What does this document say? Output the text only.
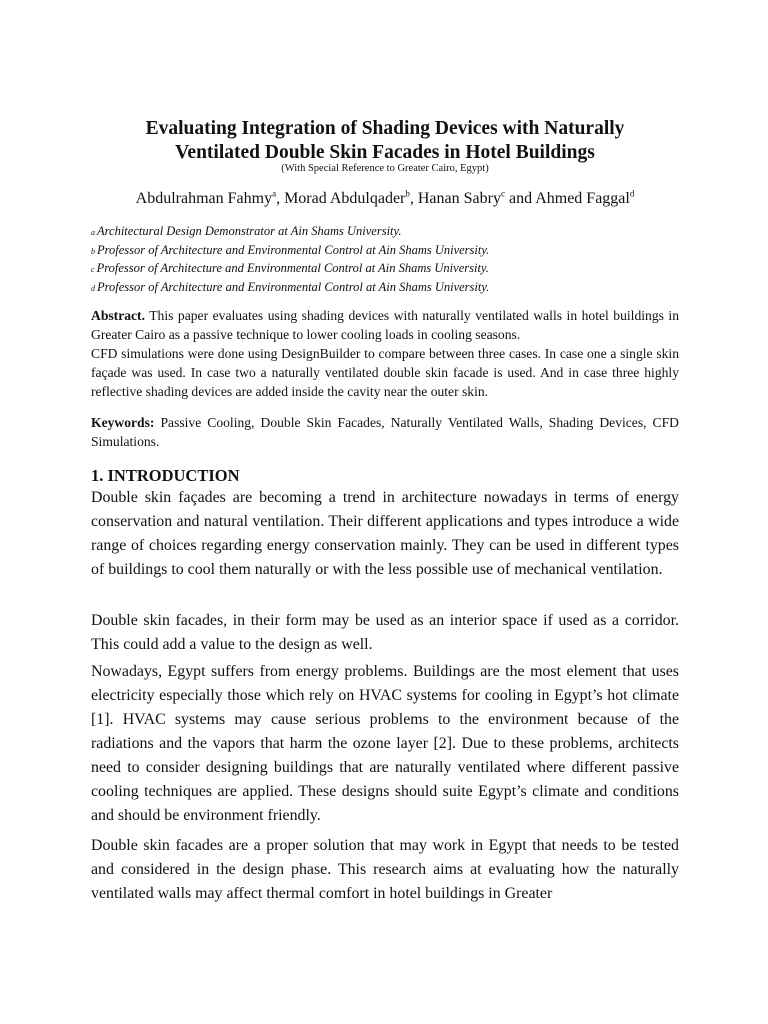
Evaluating Integration of Shading Devices with Naturally
Ventilated Double Skin Facades in Hotel Buildings
(With Special Reference to Greater Cairo, Egypt)
Abdulrahman Fahmy$^a$, Morad Abdulqader$^b$, Hanan Sabry$^c$ and Ahmed Faggal$^d$
a Architectural Design Demonstrator at Ain Shams University.
b Professor of Architecture and Environmental Control at Ain Shams University.
c Professor of Architecture and Environmental Control at Ain Shams University.
d Professor of Architecture and Environmental Control at Ain Shams University.

Abstract. This paper evaluates using shading devices with naturally ventilated walls in hotel buildings in Greater Cairo as a passive technique to lower cooling loads in cooling seasons.

CFD simulations were done using DesignBuilder to compare between three cases. In case one a single skin façade was used. In case two a naturally ventilated double skin facade is used. And in case three highly reflective shading devices are added inside the cavity near the outer skin.

Keywords: Passive Cooling, Double Skin Facades, Naturally Ventilated Walls, Shading Devices, CFD Simulations.

1. INTRODUCTION

Double skin façades are becoming a trend in architecture nowadays in terms of energy conservation and natural ventilation. Their different applications and types introduce a wide range of choices regarding energy conservation mainly. They can be used in different types of buildings to cool them naturally or with the less possible use of mechanical ventilation.

Double skin facades, in their form may be used as an interior space if used as a corridor. This could add a value to the design as well.

Nowadays, Egypt suffers from energy problems. Buildings are the most element that uses electricity especially those which rely on HVAC systems for cooling in Egypt’s hot climate [1]. HVAC systems may cause serious problems to the environment because of the radiations and the vapors that harm the ozone layer [2]. Due to these problems, architects need to consider designing buildings that are naturally ventilated where different passive cooling techniques are applied. These designs should suite Egypt’s climate and conditions and should be environment friendly.

Double skin facades are a proper solution that may work in Egypt that needs to be tested and considered in the design phase. This research aims at evaluating how the naturally ventilated walls may affect thermal comfort in hotel buildings in Greater
